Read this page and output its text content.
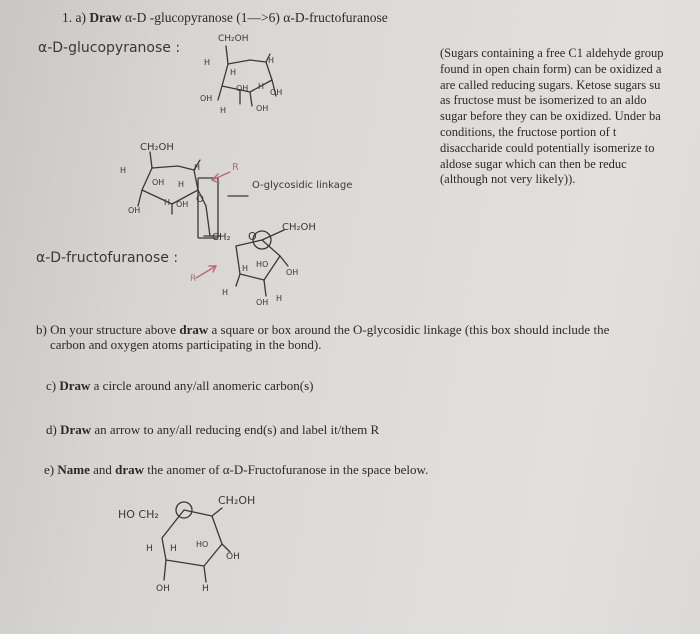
1. a) Draw α-D -glucopyranose (1—>6) α-D-fructofuranose
(Sugars containing a free C1 aldehyde group
found in open chain form) can be oxidized a
are called reducing sugars. Ketose sugars su
as fructose must be isomerized to an aldo
sugar before they can be oxidized. Under ba
conditions, the fructose portion of t
disaccharide could potentially isomerize to
aldose sugar which can then be reduc
(although not very likely)).
b) On your structure above draw a square or box around the O-glycosidic linkage (this box should include the
carbon and oxygen atoms participating in the bond).
c) Draw a circle around any/all anomeric carbon(s)
d) Draw an arrow to any/all reducing end(s) and label it/them R
e) Name and draw the anomer of α-D-Fructofuranose in the space below.
α-D-glucopyranose :
CH₂OH
H
H
OH
H
H
OH
OH
H	OH
CH₂OH
H	H
OH
OH
H OH
H
O
R
O-glycosidic linkage
CH₂ O
CH₂OH
α-D-fructofuranose :
R
H HO
OH
H
OH H
HO CH₂
CH₂OH
H H HO
OH
OH	H
